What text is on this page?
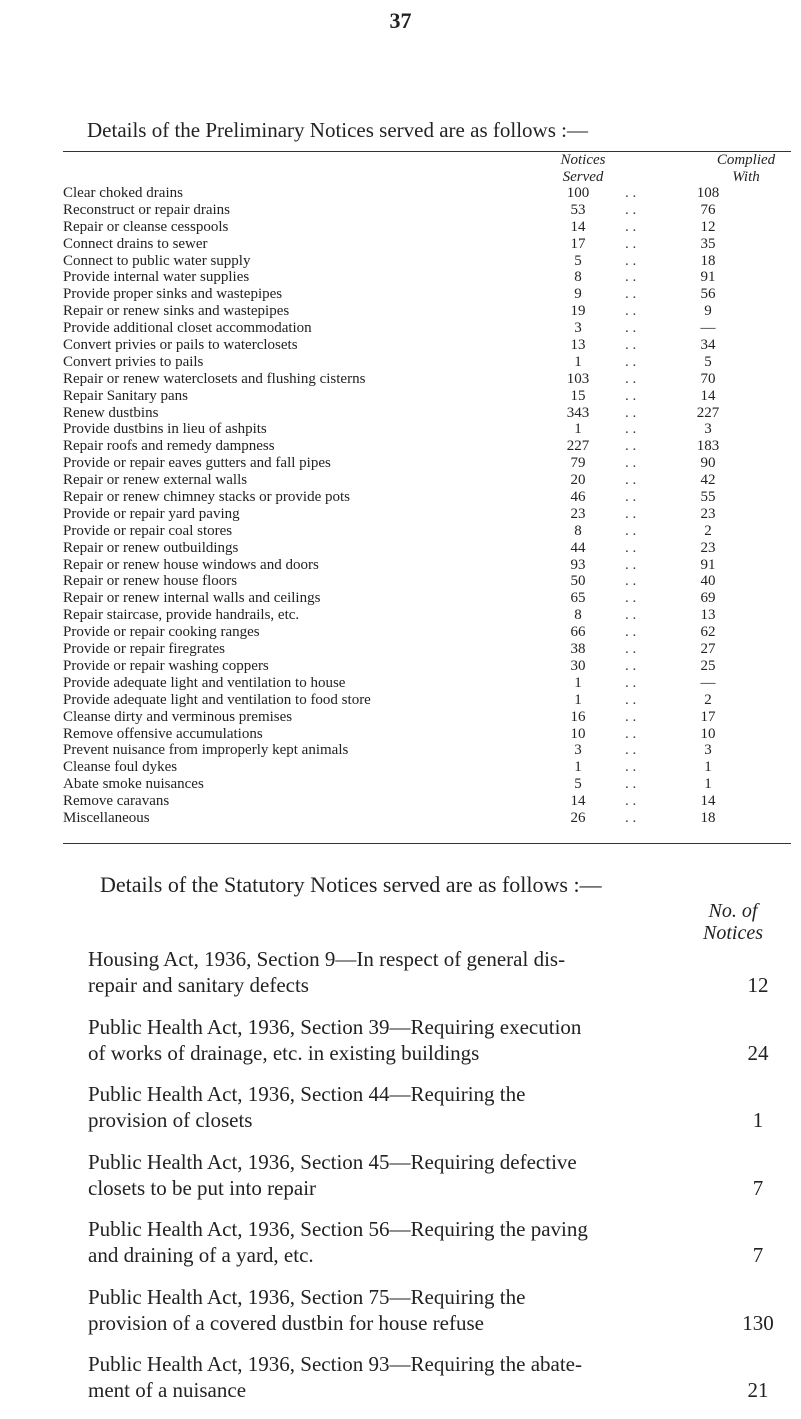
37
Details of the Preliminary Notices served are as follows :—
Notices
Served
Complied
With
Clear choked drains	100	. .	108
Reconstruct or repair drains	53	. .	76
Repair or cleanse cesspools	14	. .	12
Connect drains to sewer	17	. .	35
Connect to public water supply	5	. .	18
Provide internal water supplies	8	. .	91
Provide proper sinks and wastepipes	9	. .	56
Repair or renew sinks and wastepipes	19	. .	9
Provide additional closet accommodation	3	. .	—
Convert privies or pails to waterclosets	13	. .	34
Convert privies to pails	1	. .	5
Repair or renew waterclosets and flushing cisterns	103	. .	70
Repair Sanitary pans	15	. .	14
Renew dustbins	343	. .	227
Provide dustbins in lieu of ashpits	1	. .	3
Repair roofs and remedy dampness	227	. .	183
Provide or repair eaves gutters and fall pipes	79	. .	90
Repair or renew external walls	20	. .	42
Repair or renew chimney stacks or provide pots	46	. .	55
Provide or repair yard paving	23	. .	23
Provide or repair coal stores	8	. .	2
Repair or renew outbuildings	44	. .	23
Repair or renew house windows and doors	93	. .	91
Repair or renew house floors	50	. .	40
Repair or renew internal walls and ceilings	65	. .	69
Repair staircase, provide handrails, etc.	8	. .	13
Provide or repair cooking ranges	66	. .	62
Provide or repair firegrates	38	. .	27
Provide or repair washing coppers	30	. .	25
Provide adequate light and ventilation to house	1	. .	—
Provide adequate light and ventilation to food store	1	. .	2
Cleanse dirty and verminous premises	16	. .	17
Remove offensive accumulations	10	. .	10
Prevent nuisance from improperly kept animals	3	. .	3
Cleanse foul dykes	1	. .	1
Abate smoke nuisances	5	. .	1
Remove caravans	14	. .	14
Miscellaneous	26	. .	18
Details of the Statutory Notices served are as follows :—
No. of
Notices
Housing Act, 1936, Section 9—In respect of general dis-
repair and sanitary defects	12
Public Health Act, 1936, Section 39—Requiring execution
of works of drainage, etc. in existing buildings	24
Public Health Act, 1936, Section 44—Requiring the
provision of closets	1
Public Health Act, 1936, Section 45—Requiring defective
closets to be put into repair	7
Public Health Act, 1936, Section 56—Requiring the paving
and draining of a yard, etc.	7
Public Health Act, 1936, Section 75—Requiring the
provision of a covered dustbin for house refuse	130
Public Health Act, 1936, Section 93—Requiring the abate-
ment of a nuisance	21
